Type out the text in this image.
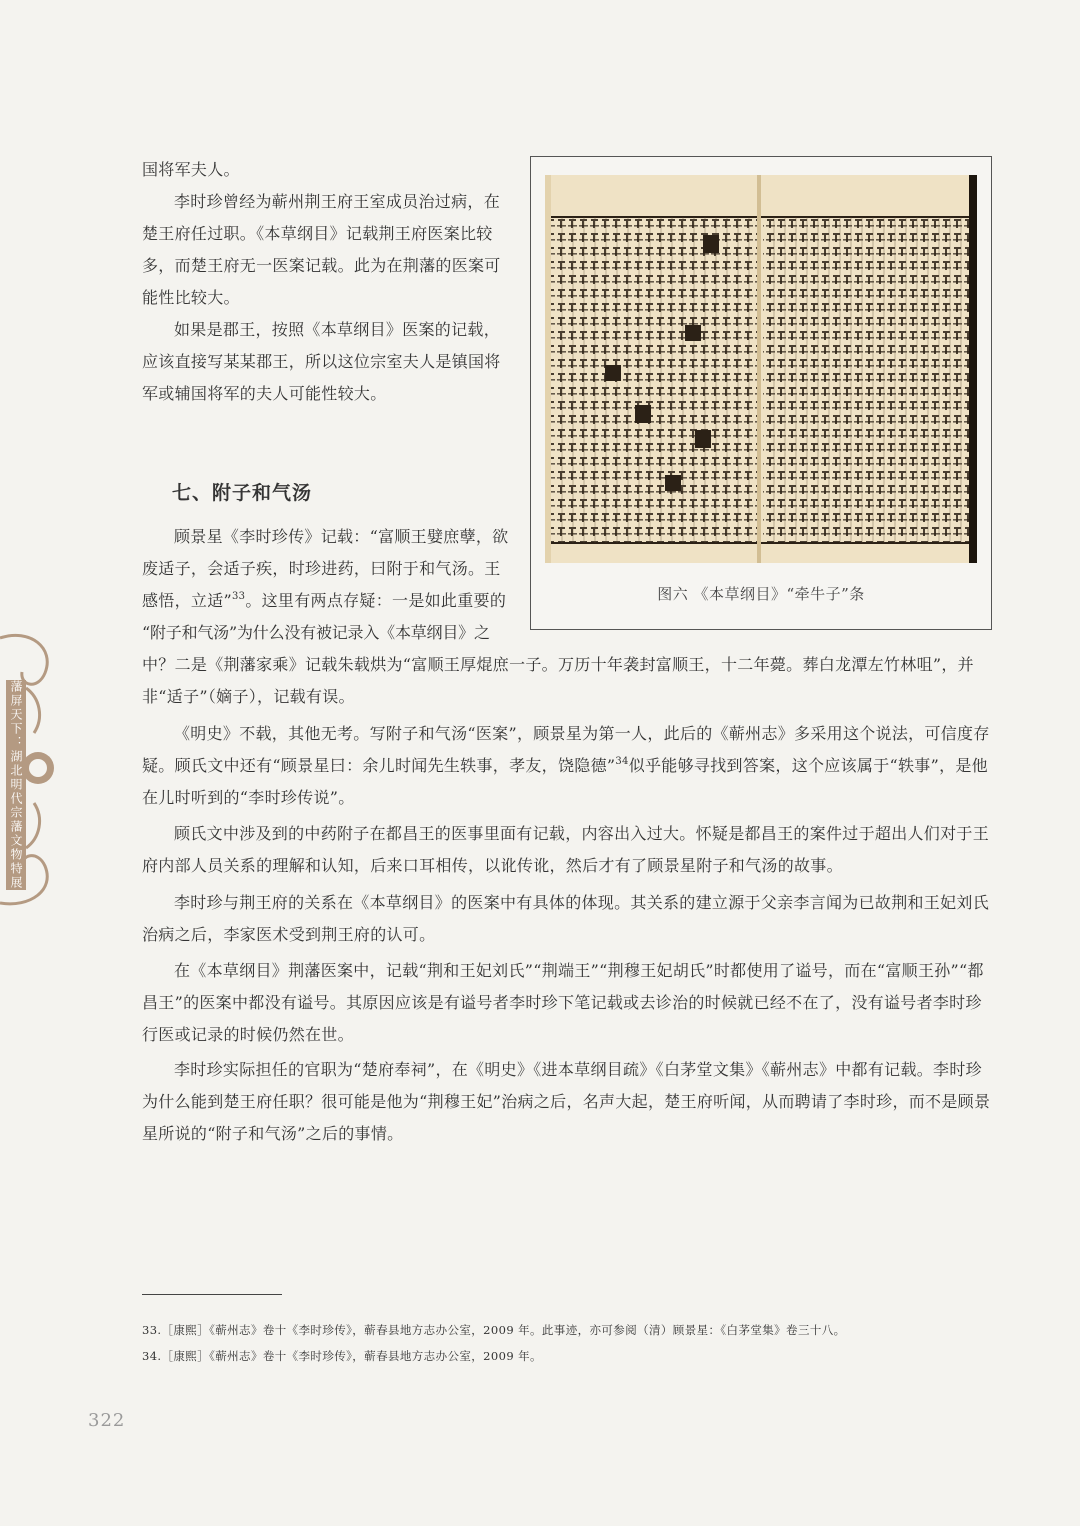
国将军夫人。

李时珍曾经为蕲州荆王府王室成员治过病，在楚王府任过职。《本草纲目》记载荆王府医案比较多，而楚王府无一医案记载。此为在荆藩的医案可能性比较大。

如果是郡王，按照《本草纲目》医案的记载，应该直接写某某郡王，所以这位宗室夫人是镇国将军或辅国将军的夫人可能性较大。

七、附子和气汤
顾景星《李时珍传》记载：“富顺王嬖庶孽，欲
废适子，会适子疾，时珍进药，曰附于和气汤。王
感悟，立适”$^{33}$。这里有两点存疑：一是如此重要的
“附子和气汤”为什么没有被记录入《本草纲目》之

中？二是《荆藩家乘》记载朱载烘为“富顺王厚焜庶一子。万历十年袭封富顺王，十二年薨。葬白龙潭左竹林咀”，并非“适子”（嫡子），记载有误。

《明史》不载，其他无考。写附子和气汤“医案”，顾景星为第一人，此后的《蕲州志》多采用这个说法，可信度存疑。顾氏文中还有“顾景星曰：余儿时闻先生轶事，孝友，饶隐德”$^{34}$似乎能够寻找到答案，这个应该属于“轶事”，是他在儿时听到的“李时珍传说”。

顾氏文中涉及到的中药附子在都昌王的医事里面有记载，内容出入过大。怀疑是都昌王的案件过于超出人们对于王府内部人员关系的理解和认知，后来口耳相传，以讹传讹，然后才有了顾景星附子和气汤的故事。

李时珍与荆王府的关系在《本草纲目》的医案中有具体的体现。其关系的建立源于父亲李言闻为已故荆和王妃刘氏治病之后，李家医术受到荆王府的认可。

在《本草纲目》荆藩医案中，记载“荆和王妃刘氏”“荆端王”“荆穆王妃胡氏”时都使用了谥号，而在“富顺王孙”“都昌王”的医案中都没有谥号。其原因应该是有谥号者李时珍下笔记载或去诊治的时候就已经不在了，没有谥号者李时珍行医或记录的时候仍然在世。

李时珍实际担任的官职为“楚府奉祠”，在《明史》《进本草纲目疏》《白茅堂文集》《蕲州志》中都有记载。李时珍为什么能到楚王府任职？很可能是他为“荆穆王妃”治病之后，名声大起，楚王府听闻，从而聘请了李时珍，而不是顾景星所说的“附子和气汤”之后的事情。

图六 《本草纲目》“牵牛子”条

藩屏天下：湖北明代宗藩文物特展

33.［康熙］《蕲州志》卷十《李时珍传》，蕲春县地方志办公室，2009 年。此事迹，亦可参阅（清）顾景星：《白茅堂集》卷三十八。

34.［康熙］《蕲州志》卷十《李时珍传》，蕲春县地方志办公室，2009 年。

322
